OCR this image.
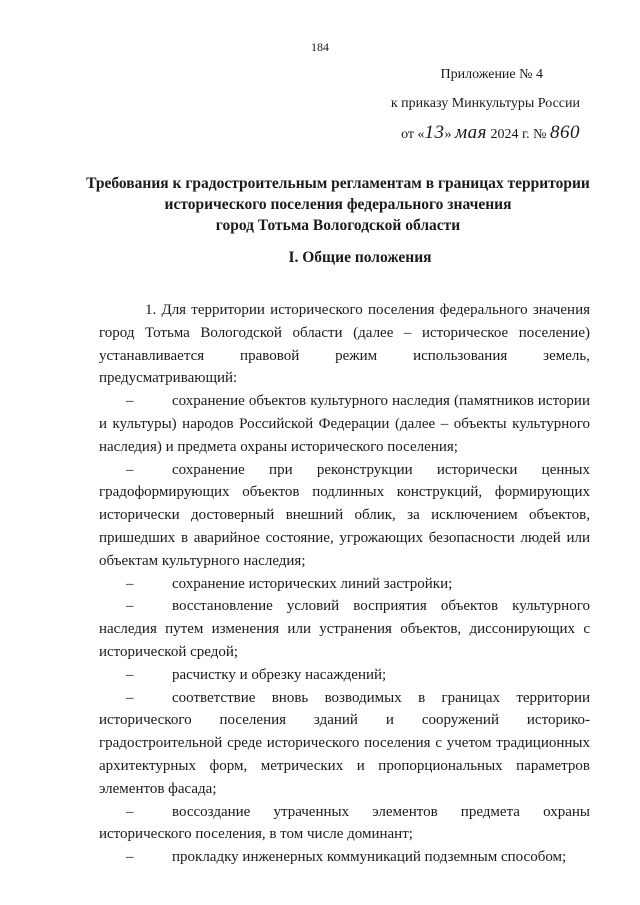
184
Приложение № 4
к приказу Минкультуры России
от «13» мая 2024 г. № 860
Требования к градостроительным регламентам в границах территории
исторического поселения федерального значения
город Тотьма Вологодской области
I. Общие положения

1. Для территории исторического поселения федерального значения город Тотьма Вологодской области (далее – историческое поселение) устанавливается правовой режим использования земель, предусматривающий:

–	сохранение объектов культурного наследия (памятников истории и культуры) народов Российской Федерации (далее – объекты культурного наследия) и предмета охраны исторического поселения;

–	сохранение при реконструкции исторически ценных градоформирующих объектов подлинных конструкций, формирующих исторически достоверный внешний облик, за исключением объектов, пришедших в аварийное состояние, угрожающих безопасности людей или объектам культурного наследия;

–	сохранение исторических линий застройки;

–	восстановление условий восприятия объектов культурного наследия путем изменения или устранения объектов, диссонирующих с исторической средой;

–	расчистку и обрезку насаждений;

–	соответствие вновь возводимых в границах территории исторического поселения зданий и сооружений историко-градостроительной среде исторического поселения с учетом традиционных архитектурных форм, метрических и пропорциональных параметров элементов фасада;

–	воссоздание утраченных элементов предмета охраны исторического поселения, в том числе доминант;

–	прокладку инженерных коммуникаций подземным способом;
